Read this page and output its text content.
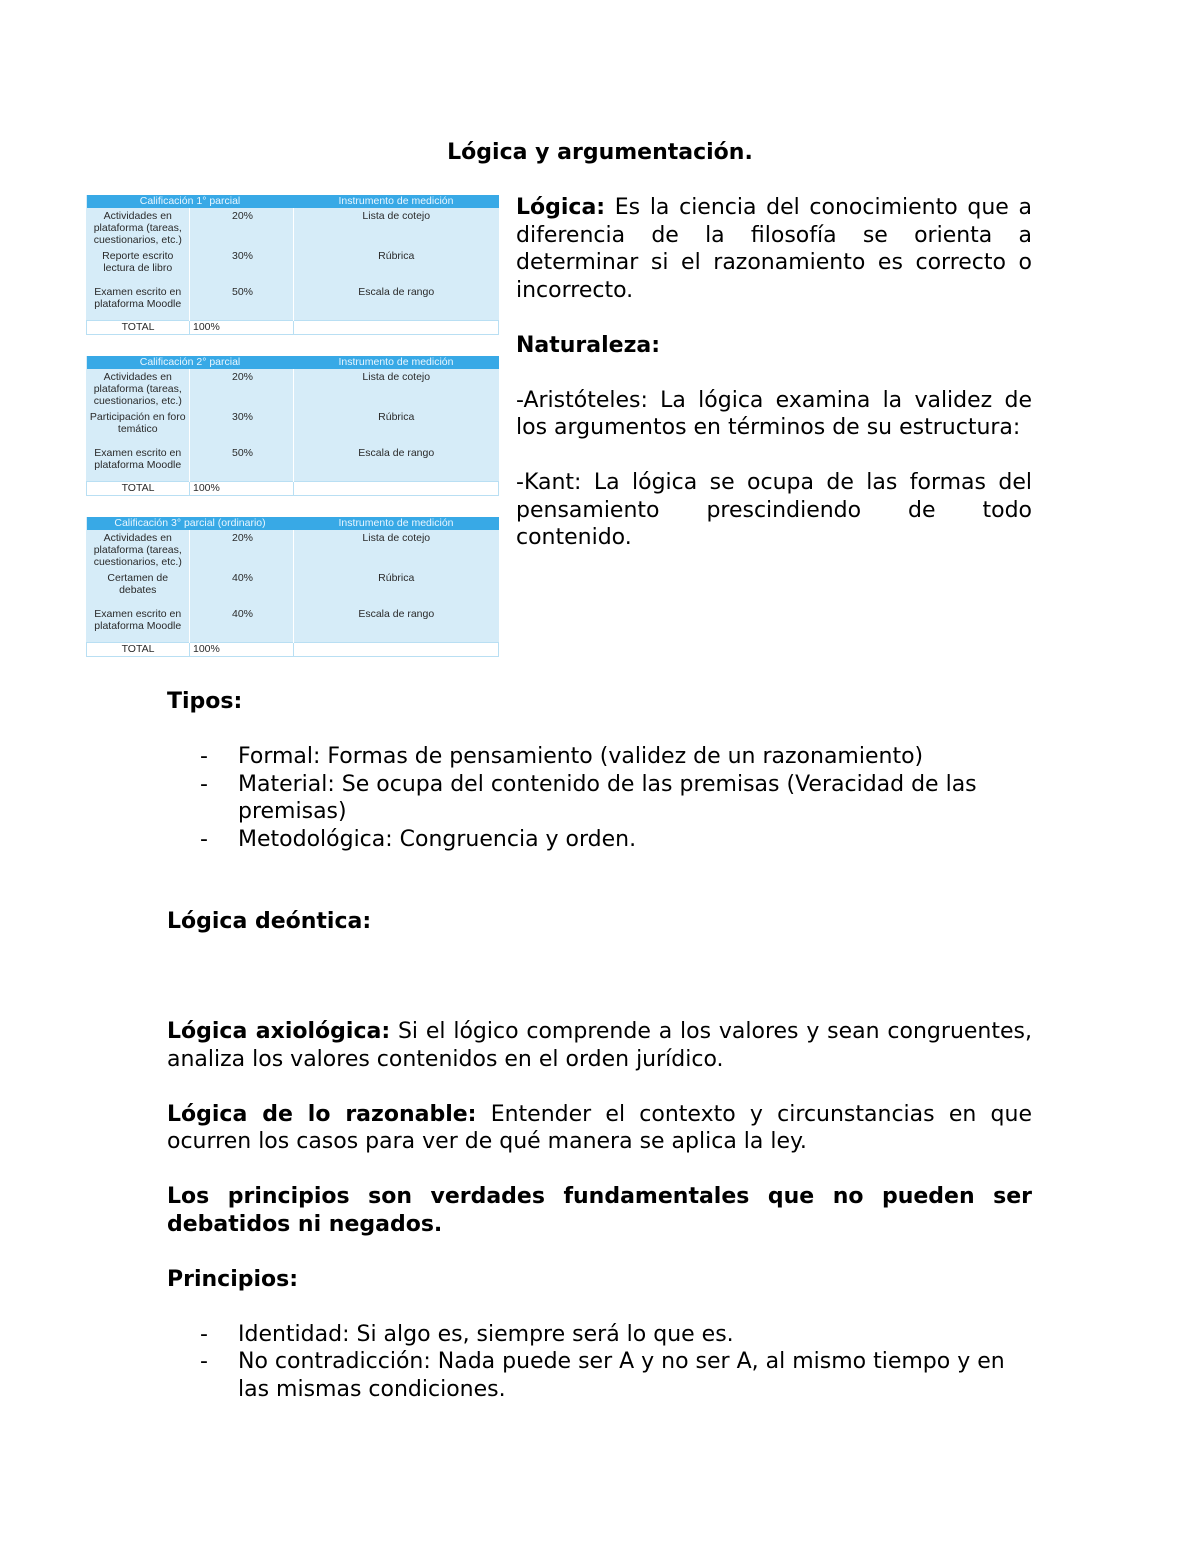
Lógica y argumentación.
Calificación 1° parcial		Instrumento de medición
Actividades en plataforma (tareas, cuestionarios, etc.)	20%	Lista de cotejo
Reporte escrito lectura de libro	30%	Rúbrica
Examen escrito en plataforma Moodle	50%	Escala de rango
TOTAL	100%	
Calificación 2° parcial		Instrumento de medición
Actividades en plataforma (tareas, cuestionarios, etc.)	20%	Lista de cotejo
Participación en foro temático	30%	Rúbrica
Examen escrito en plataforma Moodle	50%	Escala de rango
TOTAL	100%	
Calificación 3° parcial (ordinario)		Instrumento de medición
Actividades en plataforma (tareas, cuestionarios, etc.)	20%	Lista de cotejo
Certamen de debates	40%	Rúbrica
Examen escrito en plataforma Moodle	40%	Escala de rango
TOTAL	100%	

Lógica: Es la ciencia del conocimiento que a diferencia de la filosofía se orienta a determinar si el razonamiento es correcto o incorrecto.

Naturaleza:

-Aristóteles: La lógica examina la validez de los argumentos en términos de su estructura:

-Kant: La lógica se ocupa de las formas del pensamiento prescindiendo de todo contenido.

Tipos:
- Formal: Formas de pensamiento (validez de un razonamiento)
- Material: Se ocupa del contenido de las premisas (Veracidad de las premisas)
- Metodológica: Congruencia y orden.
Lógica deóntica:

Lógica axiológica: Si el lógico comprende a los valores y sean congruentes, analiza los valores contenidos en el orden jurídico.

Lógica de lo razonable: Entender el contexto y circunstancias en que ocurren los casos para ver de qué manera se aplica la ley.

Los principios son verdades fundamentales que no pueden ser debatidos ni negados.

Principios:
- Identidad: Si algo es, siempre será lo que es.
- No contradicción: Nada puede ser A y no ser A, al mismo tiempo y en las mismas condiciones.
